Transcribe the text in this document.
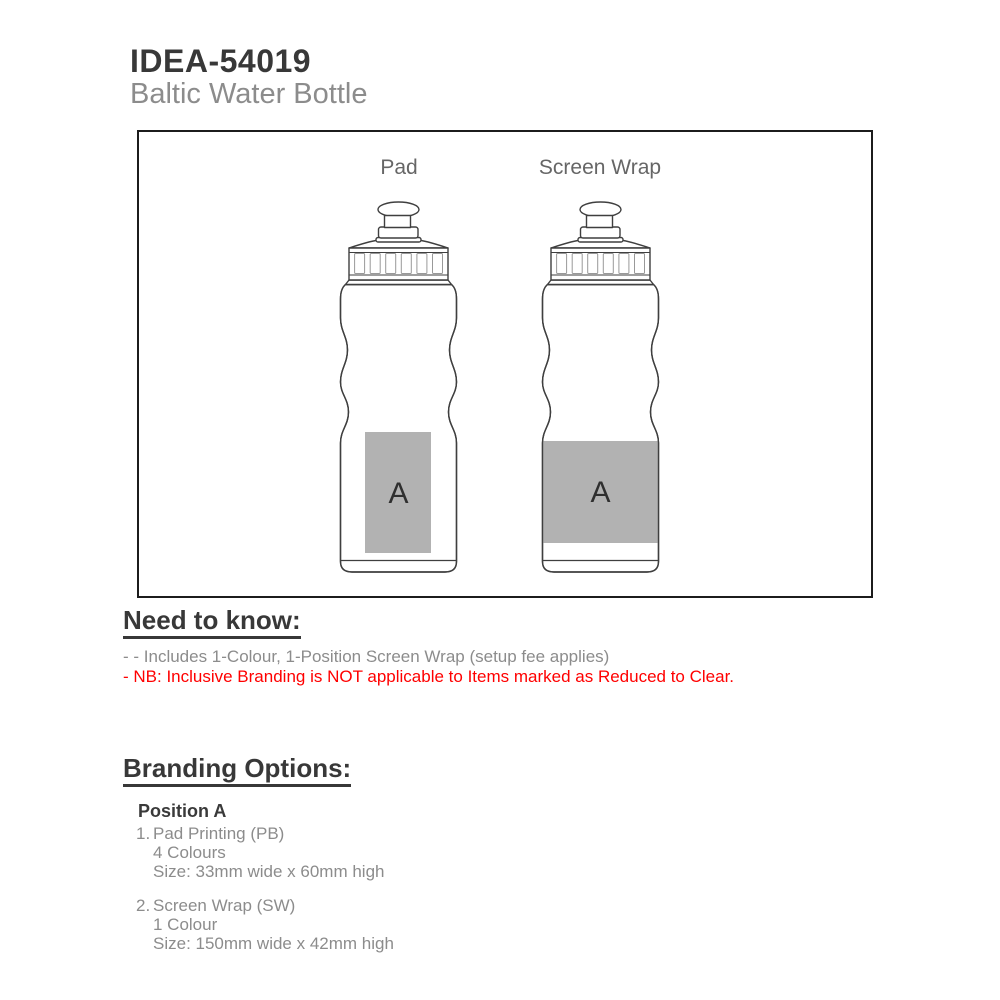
IDEA-54019
Baltic Water Bottle
Pad	Screen Wrap
A	A
Need to know:
- - Includes 1-Colour, 1-Position Screen Wrap (setup fee applies)
- NB: Inclusive Branding is NOT applicable to Items marked as Reduced to Clear.
Branding Options:
Position A
1. Pad Printing (PB)
4 Colours
Size: 33mm wide x 60mm high
2. Screen Wrap (SW)
1 Colour
Size: 150mm wide x 42mm high
